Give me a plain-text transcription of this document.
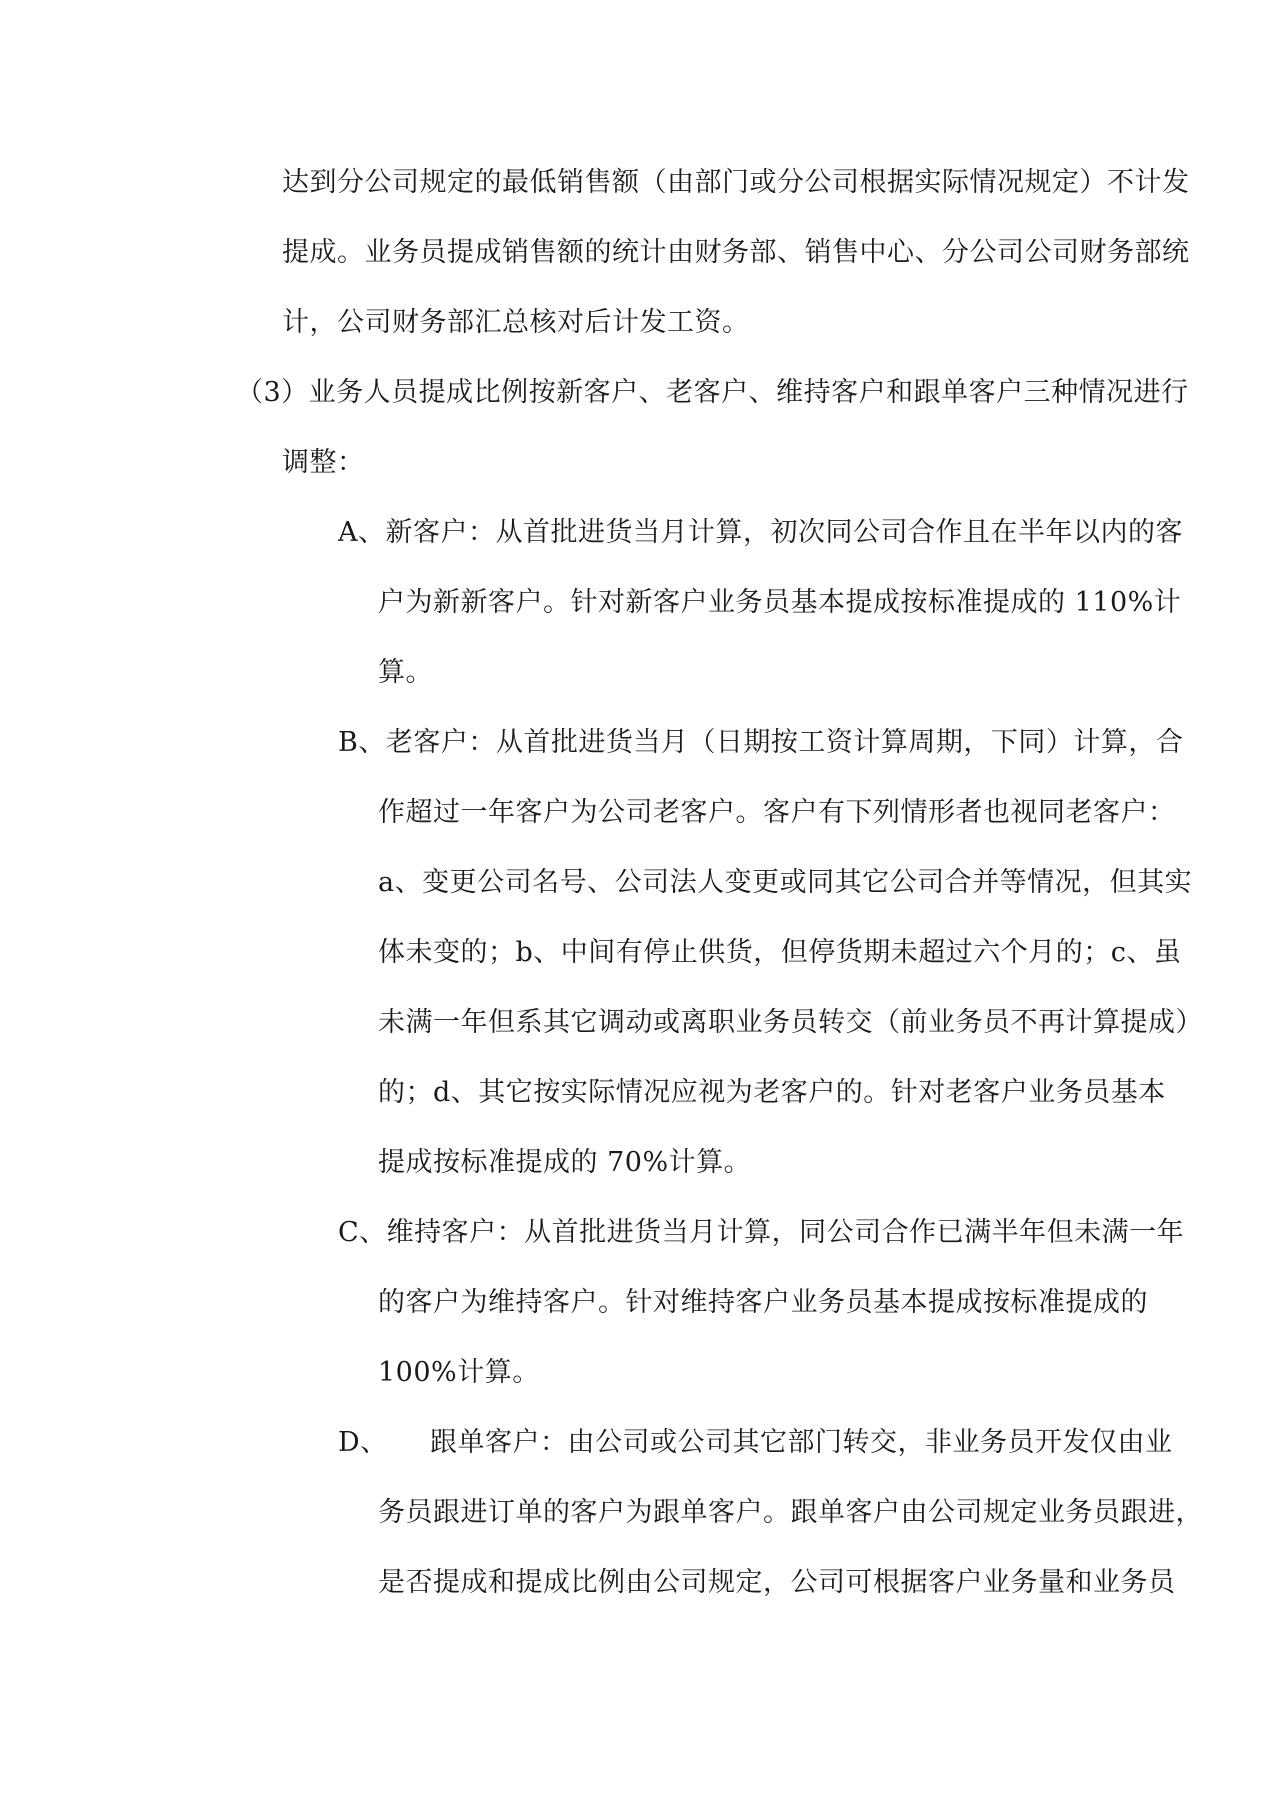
达到分公司规定的最低销售额（由部门或分公司根据实际情况规定）不计发
提成。业务员提成销售额的统计由财务部、销售中心、分公司公司财务部统
计，公司财务部汇总核对后计发工资。
（3）业务人员提成比例按新客户、老客户、维持客户和跟单客户三种情况进行
调整：
A、新客户：从首批进货当月计算，初次同公司合作且在半年以内的客
户为新新客户。针对新客户业务员基本提成按标准提成的 110%计
算。
B、老客户：从首批进货当月（日期按工资计算周期，下同）计算，合
作超过一年客户为公司老客户。客户有下列情形者也视同老客户：
a、变更公司名号、公司法人变更或同其它公司合并等情况，但其实
体未变的；b、中间有停止供货，但停货期未超过六个月的；c、虽
未满一年但系其它调动或离职业务员转交（前业务员不再计算提成）
的；d、其它按实际情况应视为老客户的。针对老客户业务员基本
提成按标准提成的 70%计算。
C、维持客户：从首批进货当月计算，同公司合作已满半年但未满一年
的客户为维持客户。针对维持客户业务员基本提成按标准提成的
100%计算。
D、 跟单客户：由公司或公司其它部门转交，非业务员开发仅由业
务员跟进订单的客户为跟单客户。跟单客户由公司规定业务员跟进，
是否提成和提成比例由公司规定，公司可根据客户业务量和业务员
